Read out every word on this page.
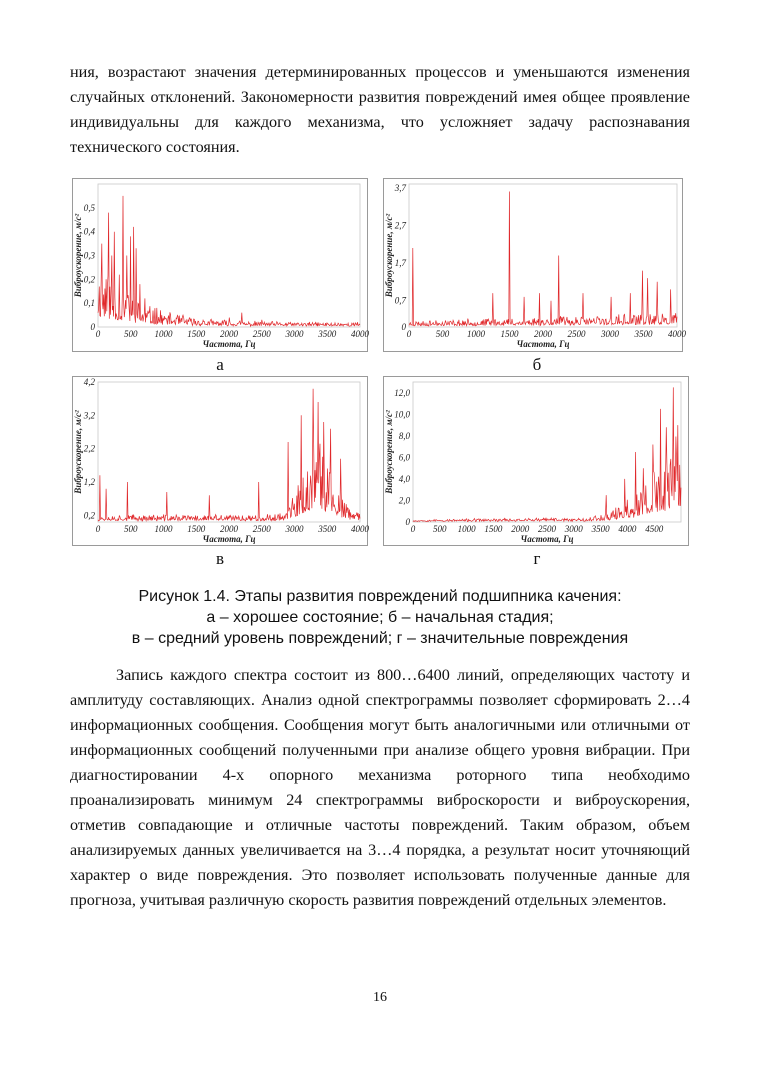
ния, возрастают значения детерминированных процессов и уменьшаются изменения случайных отклонений. Закономерности развития повреждений имея общее проявление индивидуальны для каждого механизма, что усложняет задачу распознавания технического состояния.

0	500 1000 1500 2000 2500 3000 3500 4000
0
0,1
0,2
0,3
0,4
0,5
Частота, Гц
Виброускорение, м/с²
а
0	500 1000 1500 2000 2500 3000 3500 4000
0
0,7
1,7
2,7
3,7
Частота, Гц
Виброускорение, м/с²
б
0	500 1000 1500 2000 2500 3000 3500 4000
0,2
1,2
2,2
3,2
4,2
Частота, Гц
Виброускорение, м/с²
в
0 500 1000 1500 2000 2500 3000 3500 4000 4500
0
2,0
4,0
6,0
8,0
10,0
12,0
Частота, Гц
Виброускорение, м/с²
г
Рисунок 1.4. Этапы развития повреждений подшипника качения:
а – хорошее состояние; б – начальная стадия;
в – средний уровень повреждений; г – значительные повреждения

Запись каждого спектра состоит из 800…6400 линий, определяющих частоту и амплитуду составляющих. Анализ одной спектрограммы позволяет сформировать 2…4 информационных сообщения. Сообщения могут быть аналогичными или отличными от информационных сообщений полученными при анализе общего уровня вибрации. При диагностировании 4-х опорного механизма роторного типа необходимо проанализировать минимум 24 спектрограммы виброскорости и виброускорения, отметив совпадающие и отличные частоты повреждений. Таким образом, объем анализируемых данных увеличивается на 3…4 порядка, а результат носит уточняющий характер о виде повреждения. Это позволяет использовать полученные данные для прогноза, учитывая различную скорость развития повреждений отдельных элементов.

16
